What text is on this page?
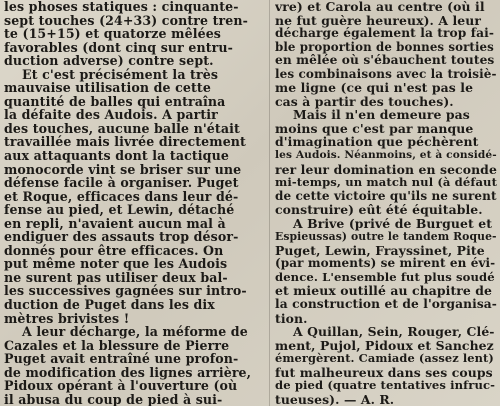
les phoses statiques : cinquante-
sept touches (24+33) contre tren-
te (15+15) et quatorze mêlées
favorables (dont cinq sur entru-
duction adverse) contre sept.
Et c'est précisément la très
mauvaise utilisation de cette
quantité de balles qui entraîna
la défaite des Audois. A partir
des touches, aucune balle n'était
travaillée mais livrée directement
aux attaquants dont la tactique
monocorde vint se briser sur une
défense facile à organiser. Puget
et Roque, efficaces dans leur dé-
fense au pied, et Lewin, détaché
en repli, n'avaient aucun mal à
endiguer des assauts trop désor-
donnés pour être efficaces. On
put même noter que les Audois
ne surent pas utiliser deux bal-
les successives gagnées sur intro-
duction de Puget dans les dix
mètres brivistes !
A leur décharge, la méforme de
Cazales et la blessure de Pierre
Puget avait entraîné une profon-
de modification des lignes arrière,
Pidoux opérant à l'ouverture (où
il abusa du coup de pied à sui-
vre) et Carola au centre (où il
ne fut guère heureux). A leur
décharge également la trop fai-
ble proportion de bonnes sorties
en mêlée où s'ébauchent toutes
les combinaisons avec la troisiè-
me ligne (ce qui n'est pas le
cas à partir des touches).
Mais il n'en demeure pas
moins que c'est par manque
d'imagination que péchèrent
les Audois. Néanmoins, et à considé-
rer leur domination en seconde
mi-temps, un match nul (à défaut
de cette victoire qu'ils ne surent
construire) eût été équitable.
A Brive (privé de Burguet et
Espieussas) outre le tandem Roque-
Puget, Lewin, Frayssinet, Pite
(par moments) se mirent en évi-
dence. L'ensemble fut plus soudé
et mieux outillé au chapitre de
la construction et de l'organisa-
tion.
A Quillan, Sein, Rouger, Clé-
ment, Pujol, Pidoux et Sanchez
émergèrent. Camiade (assez lent)
fut malheureux dans ses coups
de pied (quatre tentatives infruc-
tueuses). — A. R.
